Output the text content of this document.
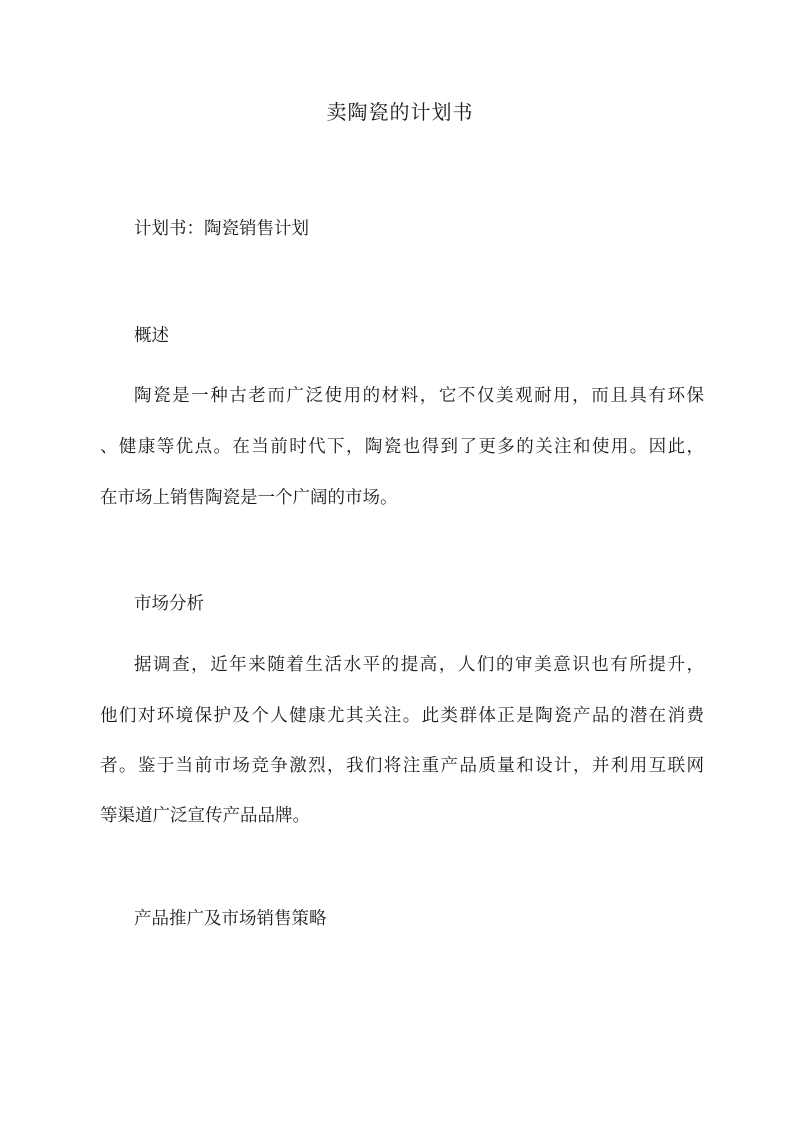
卖陶瓷的计划书

计划书：陶瓷销售计划

概述

陶瓷是一种古老而广泛使用的材料，它不仅美观耐用，而且具有环保

、健康等优点。在当前时代下，陶瓷也得到了更多的关注和使用。因此，

在市场上销售陶瓷是一个广阔的市场。

市场分析

据调查，近年来随着生活水平的提高，人们的审美意识也有所提升，

他们对环境保护及个人健康尤其关注。此类群体正是陶瓷产品的潜在消费

者。鉴于当前市场竞争激烈，我们将注重产品质量和设计，并利用互联网

等渠道广泛宣传产品品牌。

产品推广及市场销售策略
